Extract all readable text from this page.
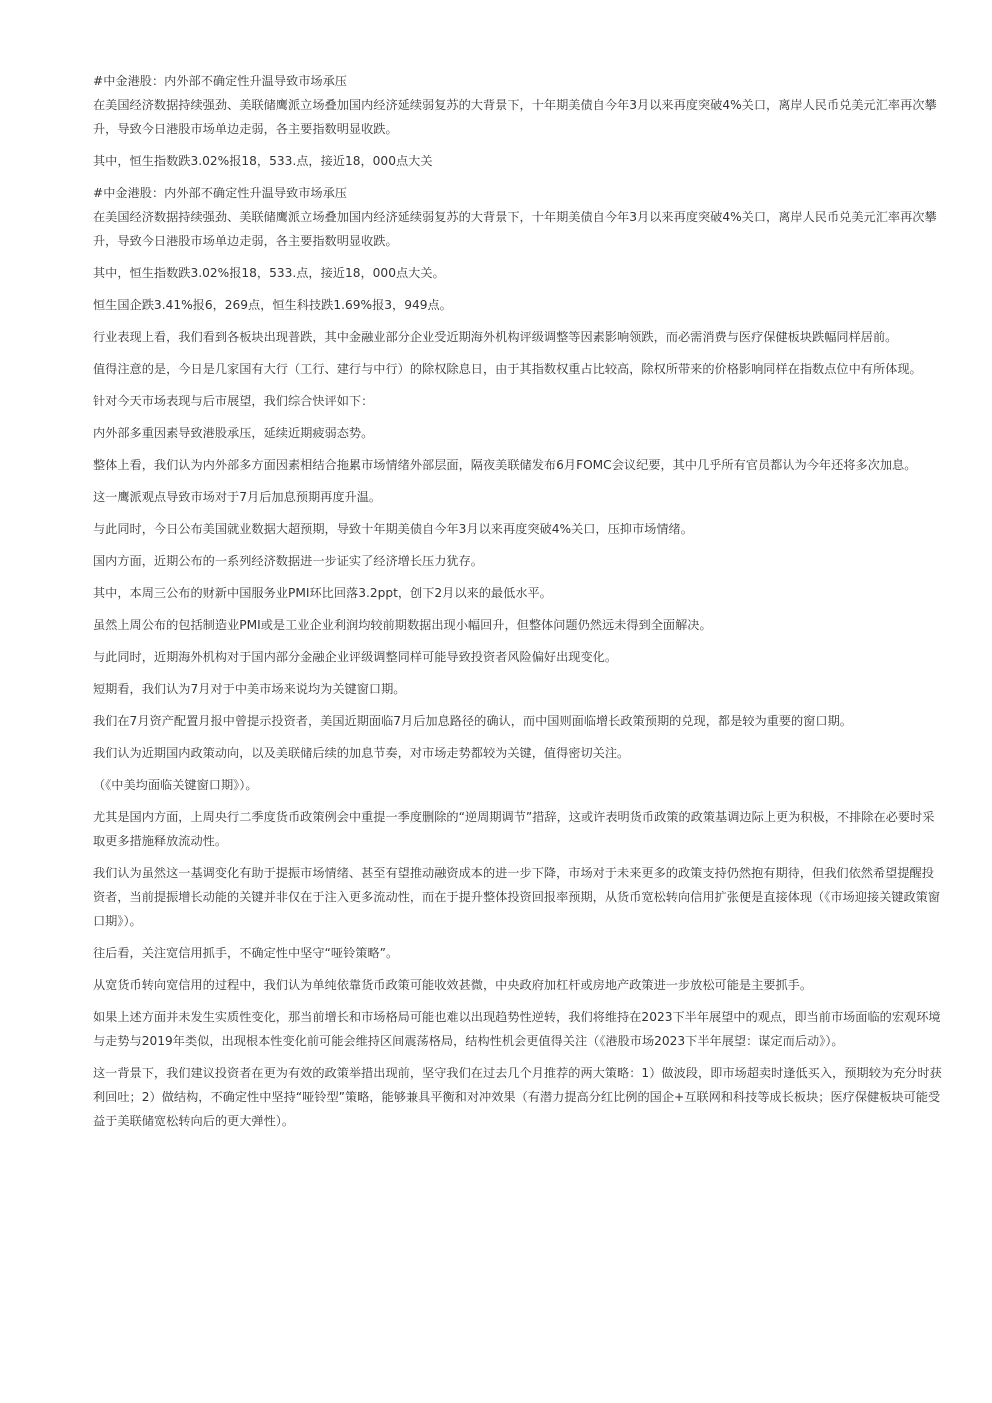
#中金港股：内外部不确定性升温导致市场承压

在美国经济数据持续强劲、美联储鹰派立场叠加国内经济延续弱复苏的大背景下，十年期美债自今年3月以来再度突破4%关口，离岸人民币兑美元汇率再次攀升，导致今日港股市场单边走弱，各主要指数明显收跌。

其中，恒生指数跌3.02%报18，533.点，接近18，000点大关

#中金港股：内外部不确定性升温导致市场承压

在美国经济数据持续强劲、美联储鹰派立场叠加国内经济延续弱复苏的大背景下，十年期美债自今年3月以来再度突破4%关口，离岸人民币兑美元汇率再次攀升，导致今日港股市场单边走弱，各主要指数明显收跌。

其中，恒生指数跌3.02%报18，533.点，接近18，000点大关。

恒生国企跌3.41%报6，269点，恒生科技跌1.69%报3，949点。

行业表现上看，我们看到各板块出现普跌，其中金融业部分企业受近期海外机构评级调整等因素影响领跌，而必需消费与医疗保健板块跌幅同样居前。

值得注意的是，今日是几家国有大行（工行、建行与中行）的除权除息日，由于其指数权重占比较高，除权所带来的价格影响同样在指数点位中有所体现。

针对今天市场表现与后市展望，我们综合快评如下：

内外部多重因素导致港股承压，延续近期疲弱态势。

整体上看，我们认为内外部多方面因素相结合拖累市场情绪外部层面，隔夜美联储发布6月FOMC会议纪要，其中几乎所有官员都认为今年还将多次加息。

这一鹰派观点导致市场对于7月后加息预期再度升温。

与此同时，今日公布美国就业数据大超预期，导致十年期美债自今年3月以来再度突破4%关口，压抑市场情绪。

国内方面，近期公布的一系列经济数据进一步证实了经济增长压力犹存。

其中，本周三公布的财新中国服务业PMI环比回落3.2ppt，创下2月以来的最低水平。

虽然上周公布的包括制造业PMI或是工业企业利润均较前期数据出现小幅回升，但整体问题仍然远未得到全面解决。

与此同时，近期海外机构对于国内部分金融企业评级调整同样可能导致投资者风险偏好出现变化。

短期看，我们认为7月对于中美市场来说均为关键窗口期。

我们在7月资产配置月报中曾提示投资者，美国近期面临7月后加息路径的确认，而中国则面临增长政策预期的兑现，都是较为重要的窗口期。

我们认为近期国内政策动向，以及美联储后续的加息节奏，对市场走势都较为关键，值得密切关注。

（《中美均面临关键窗口期》）。

尤其是国内方面，上周央行二季度货币政策例会中重提一季度删除的“逆周期调节”措辞，这或许表明货币政策的政策基调边际上更为积极，不排除在必要时采取更多措施释放流动性。

我们认为虽然这一基调变化有助于提振市场情绪、甚至有望推动融资成本的进一步下降，市场对于未来更多的政策支持仍然抱有期待，但我们依然希望提醒投资者，当前提振增长动能的关键并非仅在于注入更多流动性，而在于提升整体投资回报率预期，从货币宽松转向信用扩张便是直接体现（《市场迎接关键政策窗口期》）。

往后看，关注宽信用抓手，不确定性中坚守“哑铃策略”。

从宽货币转向宽信用的过程中，我们认为单纯依靠货币政策可能收效甚微，中央政府加杠杆或房地产政策进一步放松可能是主要抓手。

如果上述方面并未发生实质性变化，那当前增长和市场格局可能也难以出现趋势性逆转，我们将维持在2023下半年展望中的观点，即当前市场面临的宏观环境与走势与2019年类似，出现根本性变化前可能会维持区间震荡格局，结构性机会更值得关注（《港股市场2023下半年展望：谋定而后动》）。

这一背景下，我们建议投资者在更为有效的政策举措出现前，坚守我们在过去几个月推荐的两大策略：1）做波段，即市场超卖时逢低买入，预期较为充分时获利回吐；2）做结构，不确定性中坚持“哑铃型”策略，能够兼具平衡和对冲效果（有潜力提高分红比例的国企+互联网和科技等成长板块；医疗保健板块可能受益于美联储宽松转向后的更大弹性）。
